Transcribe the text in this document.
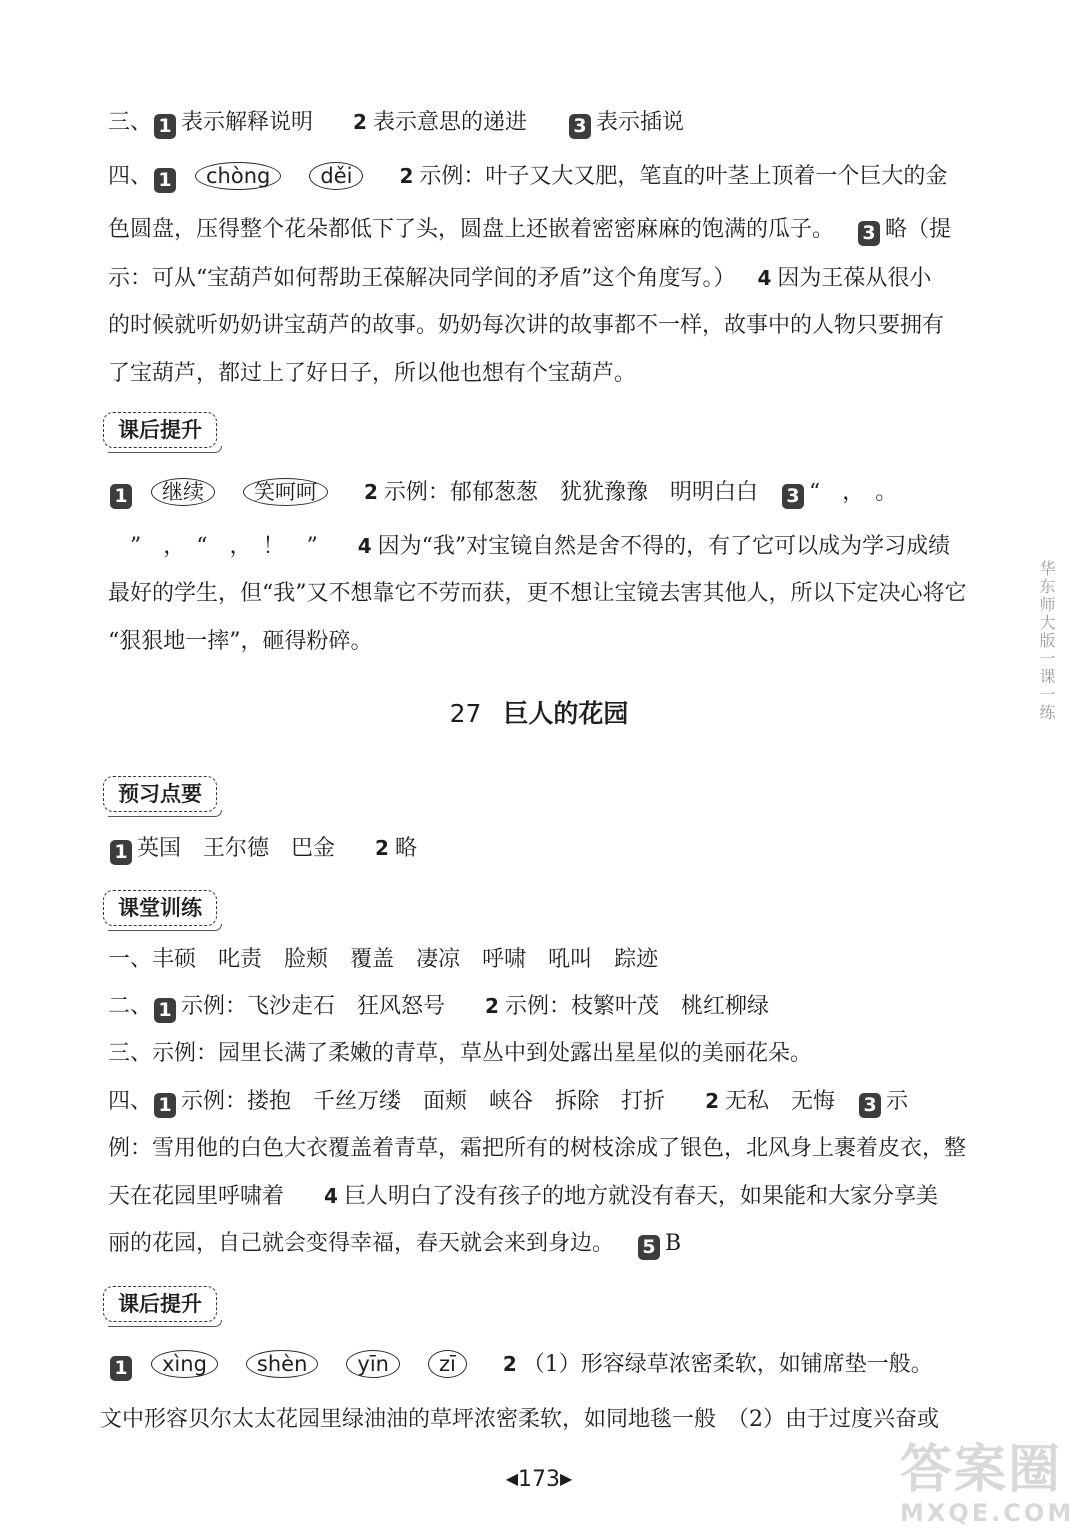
三、 1 表示解释说明 2 表示意思的递进 3 表示插说
四、 1 chòng děi 2 示例：叶子又大又肥，笔直的叶茎上顶着一个巨大的金
色圆盘，压得整个花朵都低下了头，圆盘上还嵌着密密麻麻的饱满的瓜子。 3 略（提
示：可从“宝葫芦如何帮助王葆解决同学间的矛盾”这个角度写。） 4 因为王葆从很小
的时候就听奶奶讲宝葫芦的故事。奶奶每次讲的故事都不一样，故事中的人物只要拥有
了宝葫芦，都过上了好日子，所以他也想有个宝葫芦。
课后提升
1 继续 笑呵呵 2 示例：郁郁葱葱 犹犹豫豫 明明白白 3 “　，　。
”　，　“　，　！　” 4 因为“我”对宝镜自然是舍不得的，有了它可以成为学习成绩
最好的学生，但“我”又不想靠它不劳而获，更不想让宝镜去害其他人，所以下定决心将它
“狠狠地一摔”，砸得粉碎。
27 巨人的花园
预习点要
1 英国 王尔德 巴金 2 略
课堂训练
一、丰硕 叱责 脸颊 覆盖 凄凉 呼啸 吼叫 踪迹
二、 1 示例：飞沙走石 狂风怒号 2 示例：枝繁叶茂 桃红柳绿
三、示例：园里长满了柔嫩的青草，草丛中到处露出星星似的美丽花朵。
四、 1 示例：搂抱 千丝万缕 面颊 峡谷 拆除 打折 2 无私 无悔 3 示
例：雪用他的白色大衣覆盖着青草，霜把所有的树枝涂成了银色，北风身上裹着皮衣，整
天在花园里呼啸着 4 巨人明白了没有孩子的地方就没有春天，如果能和大家分享美
丽的花园，自己就会变得幸福，春天就会来到身边。 5 B
课后提升
1 xìng shèn yīn zī 2 （1）形容绿草浓密柔软，如铺席垫一般。
文中形容贝尔太太花园里绿油油的草坪浓密柔软，如同地毯一般　（2）由于过度兴奋或
华东师大版一课一练
◀173▶	答案圈
MXQE.COM
